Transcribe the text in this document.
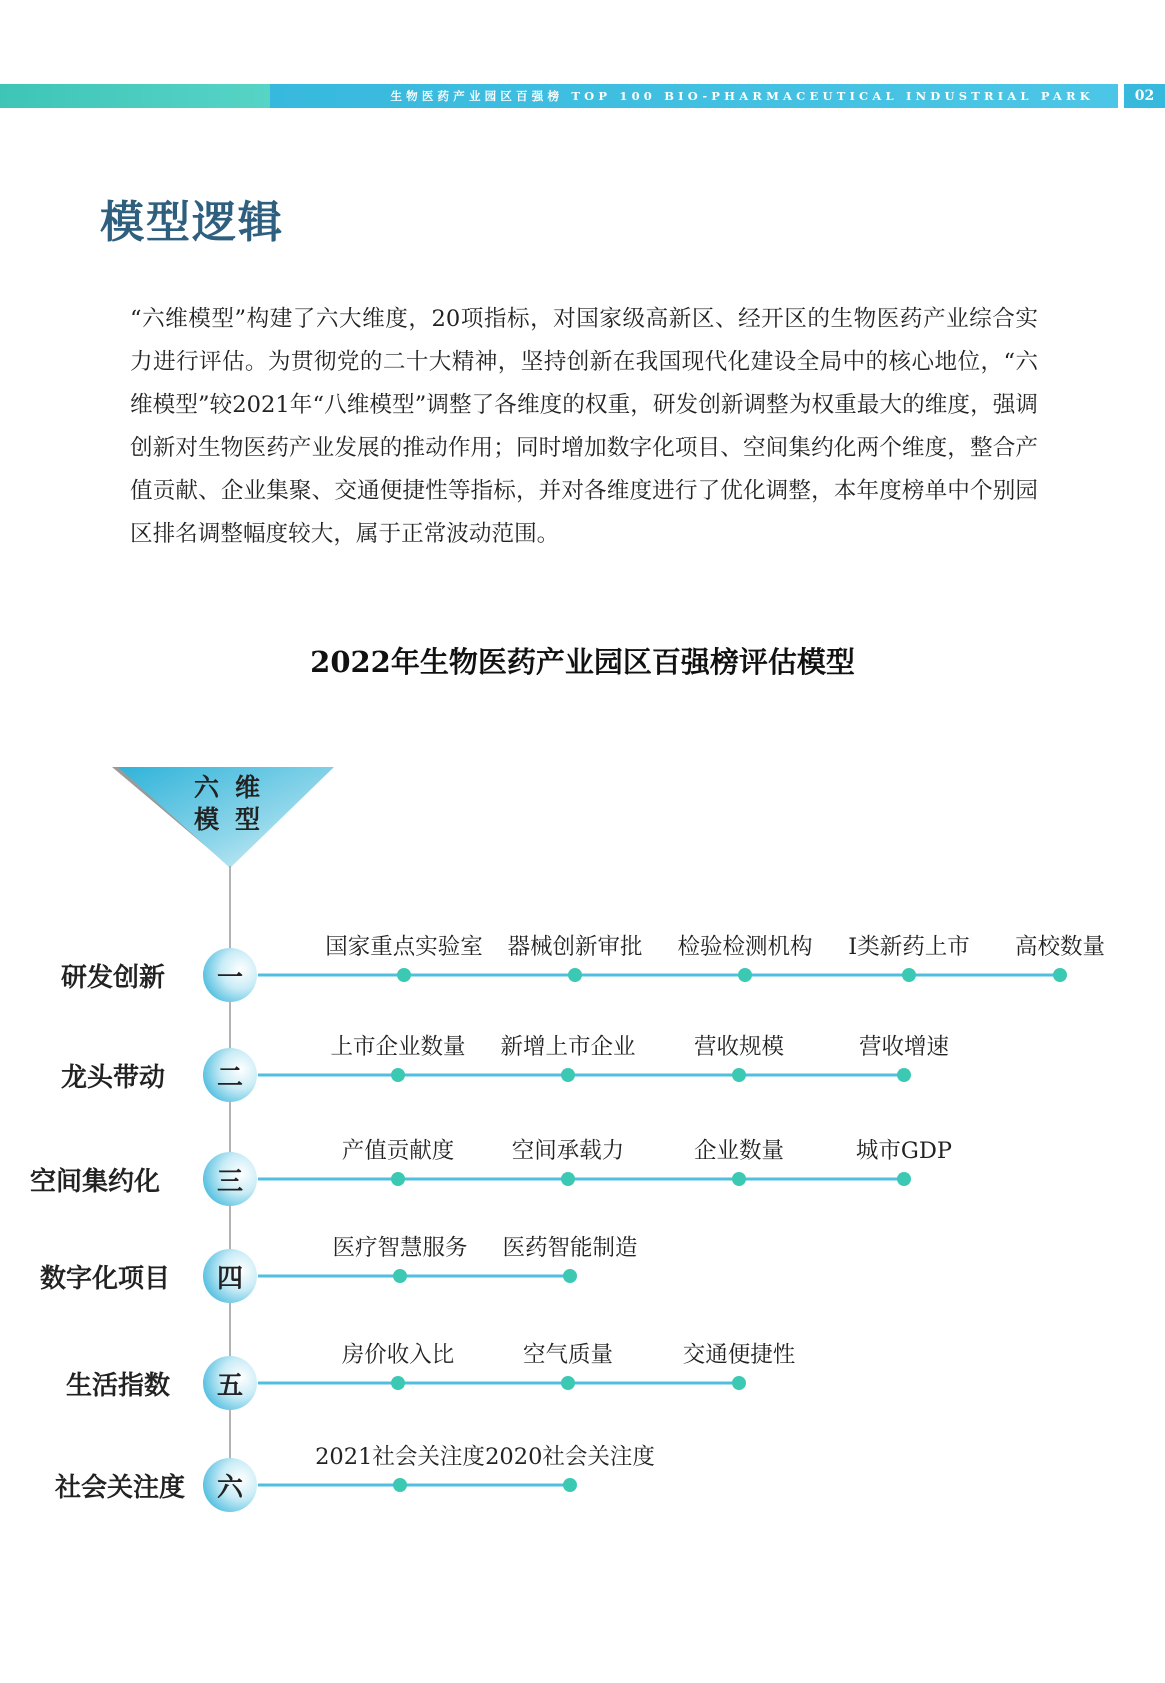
生物医药产业园区百强榜 TOP 100 BIO-PHARMACEUTICAL INDUSTRIAL PARK	02
模型逻辑
“六维模型”构建了六大维度，20项指标，对国家级高新区、经开区的生物医药产业综合实力进行评估。为贯彻党的二十大精神，坚持创新在我国现代化建设全局中的核心地位，“六维模型”较2021年“八维模型”调整了各维度的权重，研发创新调整为权重最大的维度，强调创新对生物医药产业发展的推动作用；同时增加数字化项目、空间集约化两个维度，整合产值贡献、企业集聚、交通便捷性等指标，并对各维度进行了优化调整，本年度榜单中个别园区排名调整幅度较大，属于正常波动范围。
2022年生物医药产业园区百强榜评估模型
六维
模型
研发创新	一
国家重点实验室 器械创新审批 检验检测机构 I类新药上市 高校数量
龙头带动	二
上市企业数量 新增上市企业	营收规模	营收增速
空间集约化	三
产值贡献度	空间承载力	企业数量	城市GDP
数字化项目	四
医疗智慧服务 医药智能制造
生活指数	五
房价收入比	空气质量	交通便捷性
社会关注度	六
2021社会关注度 2020社会关注度
